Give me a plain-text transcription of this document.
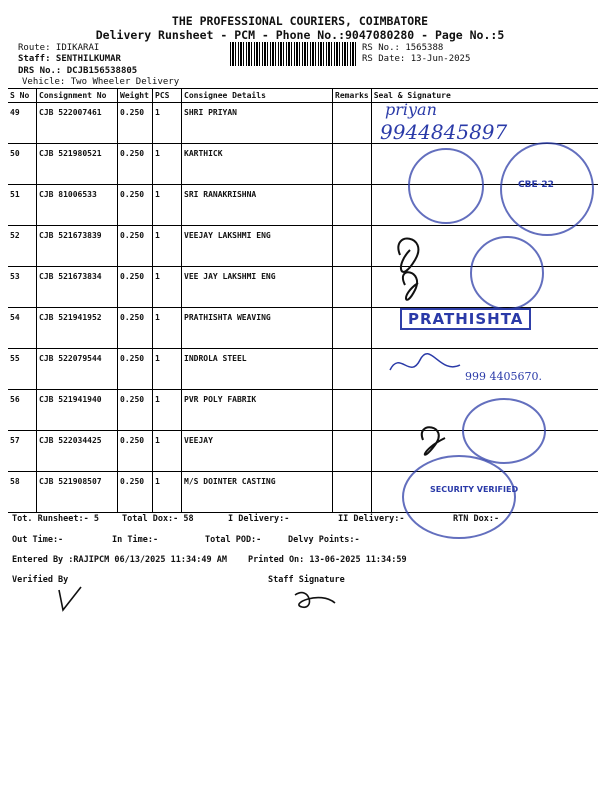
THE PROFESSIONAL COURIERS, COIMBATORE
Delivery Runsheet - PCM - Phone No.:9047080280 - Page No.:5
Route: IDIKARAI
Staff: SENTHILKUMAR
DRS No.: DCJB156538805
Vehicle: Two Wheeler Delivery
RS No.: 1565388
RS Date: 13-Jun-2025
S No	Consignment No	Weight	PCS	Consignee Details	Remarks	Seal & Signature
49	CJB 522007461	0.250	1	SHRI PRIYAN		
50	CJB 521980521	0.250	1	KARTHICK		
51	CJB 81006533	0.250	1	SRI RANAKRISHNA		
52	CJB 521673839	0.250	1	VEEJAY LAKSHMI ENG		
53	CJB 521673834	0.250	1	VEE JAY LAKSHMI ENG		
54	CJB 521941952	0.250	1	PRATHISHTA WEAVING		
55	CJB 522079544	0.250	1	INDROLA STEEL		
56	CJB 521941940	0.250	1	PVR POLY FABRIK		
57	CJB 522034425	0.250	1	VEEJAY		
58	CJB 521908507	0.250	1	M/S DOINTER CASTING		
priyan
9944845897
CBE-22
PRATHISHTA
999 4405670.
SECURITY VERIFIED
Tot. Runsheet:- 5	Total Dox:- 58	I Delivery:-	II Delivery:-	RTN Dox:-
Out Time:-	In Time:-	Total POD:-	Delvy Points:-
Entered By :RAJIPCM 06/13/2025 11:34:49 AM Printed On: 13-06-2025 11:34:59
Verified By	Staff Signature
